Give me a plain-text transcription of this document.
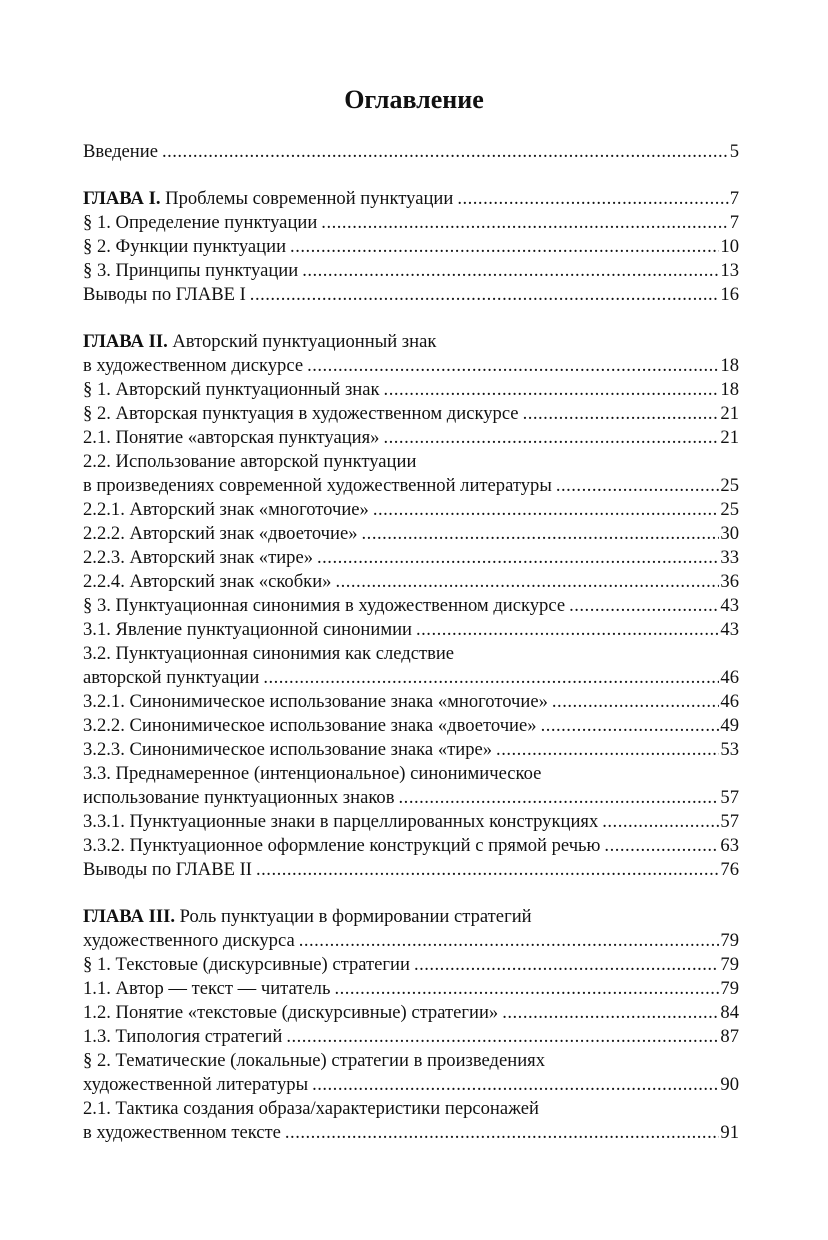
Оглавление
Введение .....	5
ГЛАВА I. Проблемы современной пунктуации .....	7
§ 1. Определение пунктуации .....	7
§ 2. Функции пунктуации .....	10
§ 3. Принципы пунктуации .....	13
Выводы по ГЛАВЕ I .....	16
ГЛАВА II. Авторский пунктуационный знак
в художественном дискурсе .....	18
§ 1. Авторский пунктуационный знак .....	18
§ 2. Авторская пунктуация в художественном дискурсе .....	21
2.1. Понятие «авторская пунктуация» .....	21
2.2. Использование авторской пунктуации
в произведениях современной художественной литературы .....	25
2.2.1. Авторский знак «многоточие» .....	25
2.2.2. Авторский знак «двоеточие» .....	30
2.2.3. Авторский знак «тире» .....	33
2.2.4. Авторский знак «скобки» .....	36
§ 3. Пунктуационная синонимия в художественном дискурсе .....	43
3.1. Явление пунктуационной синонимии .....	43
3.2. Пунктуационная синонимия как следствие
авторской пунктуации .....	46
3.2.1. Синонимическое использование знака «многоточие» .....	46
3.2.2. Синонимическое использование знака «двоеточие» .....	49
3.2.3. Синонимическое использование знака «тире» .....	53
3.3. Преднамеренное (интенциональное) синонимическое
использование пунктуационных знаков .....	57
3.3.1. Пунктуационные знаки в парцеллированных конструкциях .....	57
3.3.2. Пунктуационное оформление конструкций с прямой речью .....	63
Выводы по ГЛАВЕ II .....	76
ГЛАВА III. Роль пунктуации в формировании стратегий
художественного дискурса .....	79
§ 1. Текстовые (дискурсивные) стратегии .....	79
1.1. Автор — текст — читатель .....	79
1.2. Понятие «текстовые (дискурсивные) стратегии» .....	84
1.3. Типология стратегий .....	87
§ 2. Тематические (локальные) стратегии в произведениях
художественной литературы .....	90
2.1. Тактика создания образа/характеристики персонажей
в художественном тексте .....	91
